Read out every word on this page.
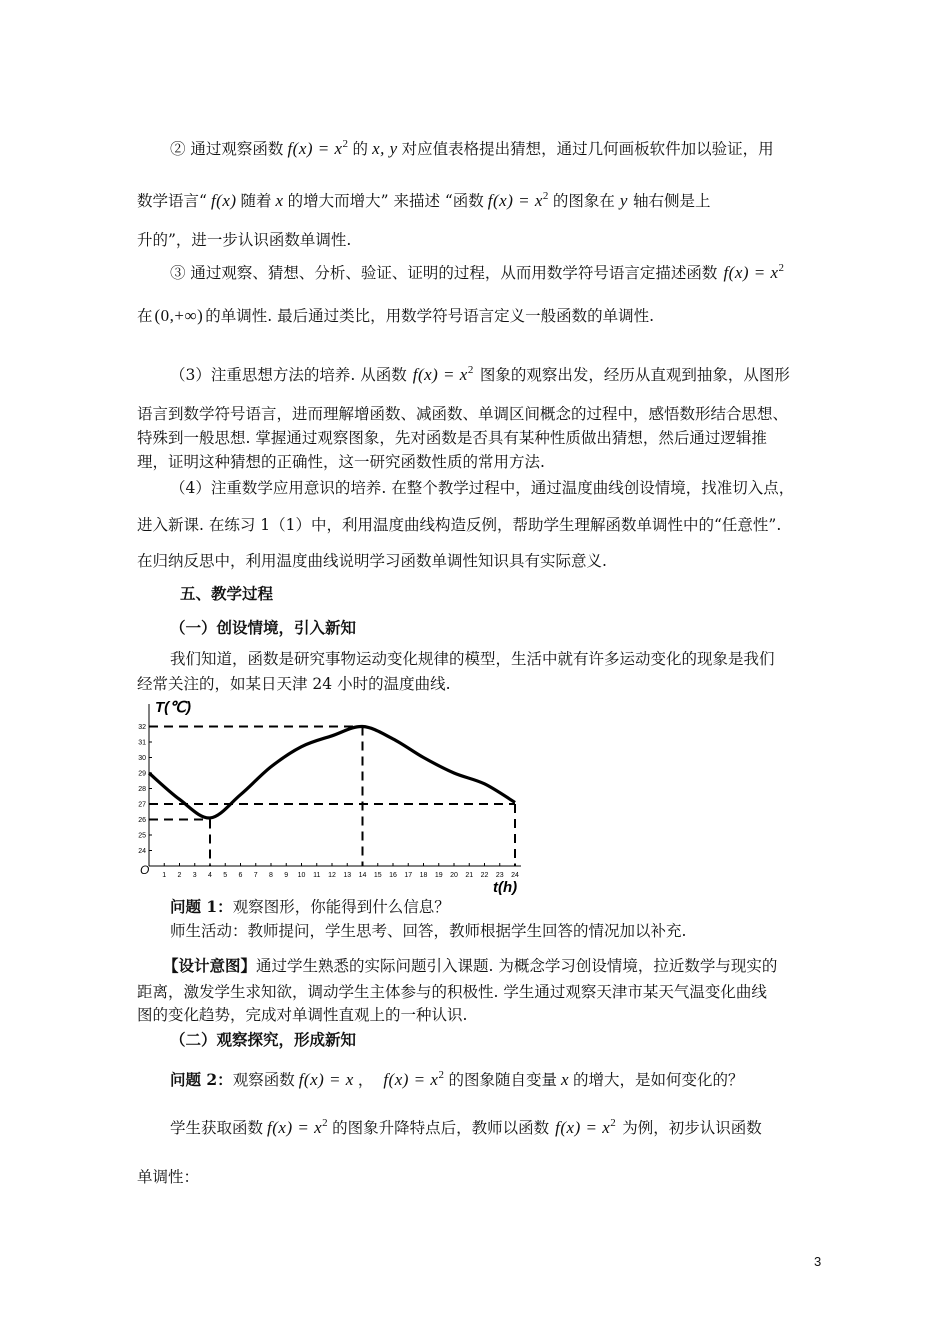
② 通过观察函数 $f(x) = x^2$ 的 x, y 对应值表格提出猜想，通过几何画板软件加以验证，用
数学语言“ f(x) 随着 x 的增大而增大” 来描述 “函数 $f(x) = x^2$ 的图象在 y 轴右侧是上
升的”，进一步认识函数单调性.
③ 通过观察、猜想、分析、验证、证明的过程，从而用数学符号语言定描述函数 $f(x) = x^2$
在 (0,+∞) 的单调性. 最后通过类比，用数学符号语言定义一般函数的单调性.
（3）注重思想方法的培养. 从函数 $f(x) = x^2$ 图象的观察出发，经历从直观到抽象，从图形
语言到数学符号语言，进而理解增函数、减函数、单调区间概念的过程中，感悟数形结合思想、
特殊到一般思想. 掌握通过观察图象，先对函数是否具有某种性质做出猜想，然后通过逻辑推
理，证明这种猜想的正确性，这一研究函数性质的常用方法.
（4）注重数学应用意识的培养. 在整个教学过程中，通过温度曲线创设情境，找准切入点，
进入新课. 在练习 1（1）中，利用温度曲线构造反例，帮助学生理解函数单调性中的“任意性”.
在归纳反思中，利用温度曲线说明学习函数单调性知识具有实际意义.
五、教学过程
（一）创设情境，引入新知
我们知道，函数是研究事物运动变化规律的模型，生活中就有许多运动变化的现象是我们
经常关注的，如某日天津 24 小时的温度曲线.
1 2 3 4 5 6 7 8 9 10 11 12 13 14 15 16 17 18 19 20 21 22 23 24
24
25
26
27
28
29
30
31
32
T(℃)
t(h)
O
问题 1：观察图形，你能得到什么信息？
师生活动：教师提问，学生思考、回答，教师根据学生回答的情况加以补充.
【设计意图】通过学生熟悉的实际问题引入课题. 为概念学习创设情境，拉近数学与现实的
距离，激发学生求知欲，调动学生主体参与的积极性. 学生通过观察天津市某天气温变化曲线
图的变化趋势，完成对单调性直观上的一种认识.
（二）观察探究，形成新知
问题 2：观察函数 f(x) = x ， $f(x) = x^2$ 的图象随自变量 x 的增大，是如何变化的？
学生获取函数 $f(x) = x^2$ 的图象升降特点后，教师以函数 $f(x) = x^2$ 为例，初步认识函数
单调性：
3
